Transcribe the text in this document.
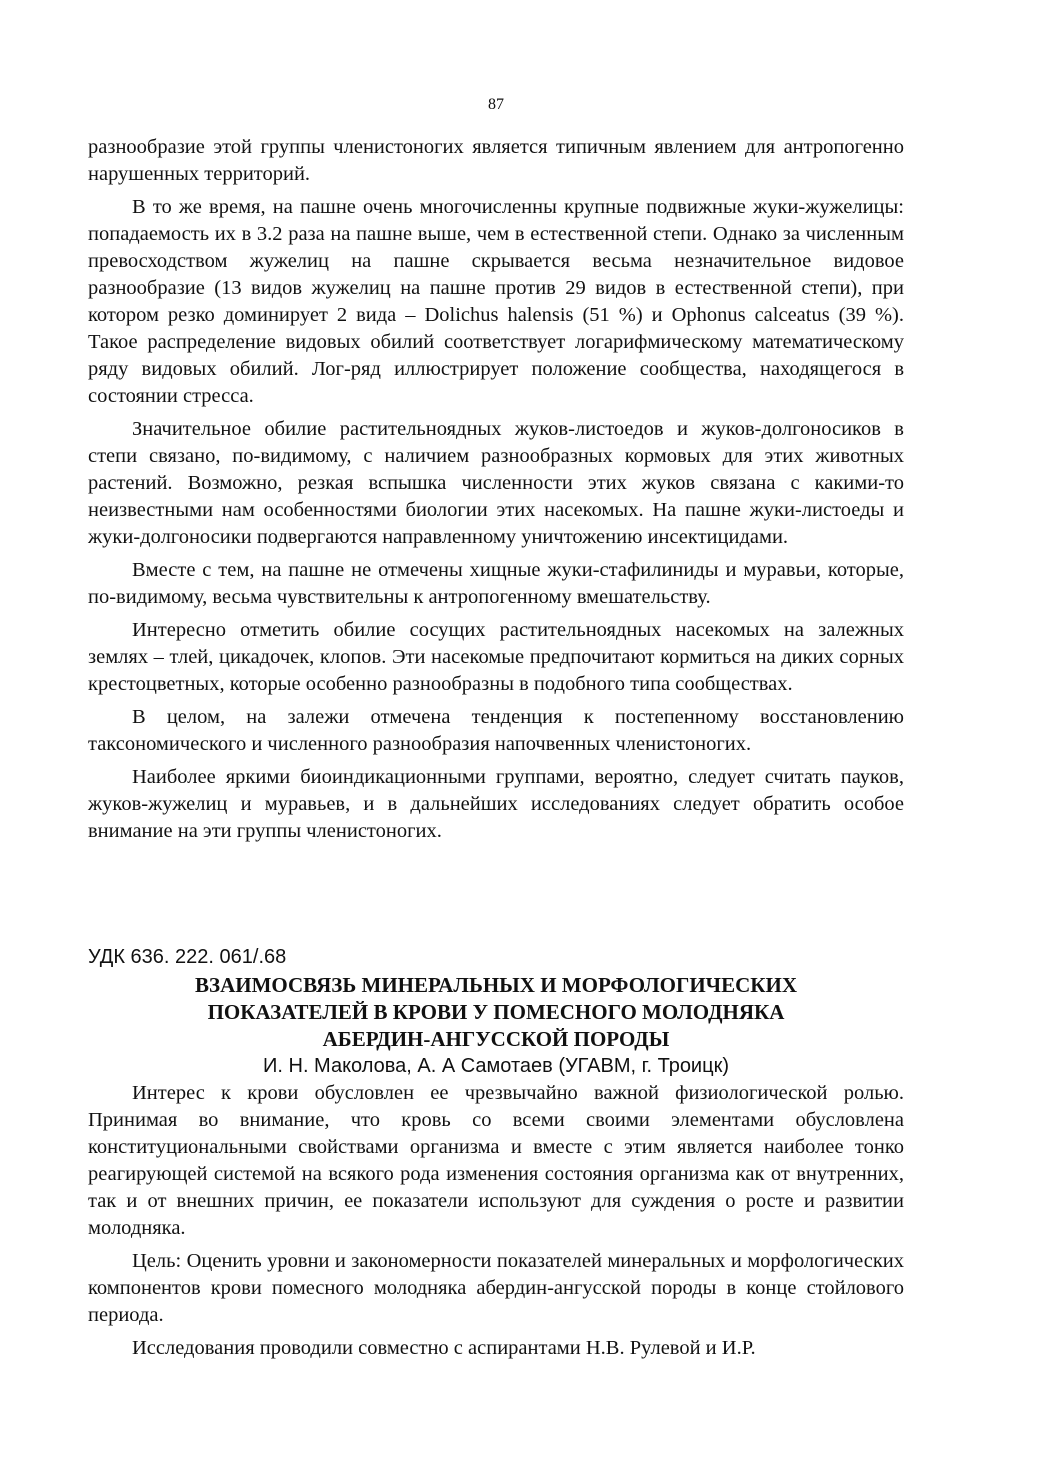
87

разнообразие этой группы членистоногих является типичным явлением для антропогенно нарушенных территорий.

В то же время, на пашне очень многочисленны крупные подвижные жуки-жужелицы: попадаемость их в 3.2 раза на пашне выше, чем в естественной степи. Однако за численным превосходством жужелиц на пашне скрывается весьма незначительное видовое разнообразие (13 видов жужелиц на пашне против 29 видов в естественной степи), при котором резко доминирует 2 вида – Dolichus halensis (51 %) и Ophonus calceatus (39 %). Такое распределение видовых обилий соответствует логарифмическому математическому ряду видовых обилий. Лог-ряд иллюстрирует положение сообщества, находящегося в состоянии стресса.

Значительное обилие растительноядных жуков-листоедов и жуков-долгоносиков в степи связано, по-видимому, с наличием разнообразных кормовых для этих животных растений. Возможно, резкая вспышка численности этих жуков связана с какими-то неизвестными нам особенностями биологии этих насекомых. На пашне жуки-листоеды и жуки-долгоносики подвергаются направленному уничтожению инсектицидами.

Вместе с тем, на пашне не отмечены хищные жуки-стафилиниды и муравьи, которые, по-видимому, весьма чувствительны к антропогенному вмешательству.

Интересно отметить обилие сосущих растительноядных насекомых на залежных землях – тлей, цикадочек, клопов. Эти насекомые предпочитают кормиться на диких сорных крестоцветных, которые особенно разнообразны в подобного типа сообществах.

В целом, на залежи отмечена тенденция к постепенному восстановлению таксономического и численного разнообразия напочвенных членистоногих.

Наиболее яркими биоиндикационными группами, вероятно, следует считать пауков, жуков-жужелиц и муравьев, и в дальнейших исследованиях следует обратить особое внимание на эти группы членистоногих.

УДК 636. 222. 061/.68
ВЗАИМОСВЯЗЬ МИНЕРАЛЬНЫХ И МОРФОЛОГИЧЕСКИХ
ПОКАЗАТЕЛЕЙ В КРОВИ У ПОМЕСНОГО МОЛОДНЯКА
АБЕРДИН-АНГУССКОЙ ПОРОДЫ
И. Н. Маколова, А. А Самотаев (УГАВМ, г. Троицк)

Интерес к крови обусловлен ее чрезвычайно важной физиологической ролью. Принимая во внимание, что кровь со всеми своими элементами обусловлена конституциональными свойствами организма и вместе с этим является наиболее тонко реагирующей системой на всякого рода изменения состояния организма как от внутренних, так и от внешних причин, ее показатели используют для суждения о росте и развитии молодняка.

Цель: Оценить уровни и закономерности показателей минеральных и морфологических компонентов крови помесного молодняка абердин-ангусской породы в конце стойлового периода.

Исследования проводили совместно с аспирантами Н.В. Рулевой и И.Р.
